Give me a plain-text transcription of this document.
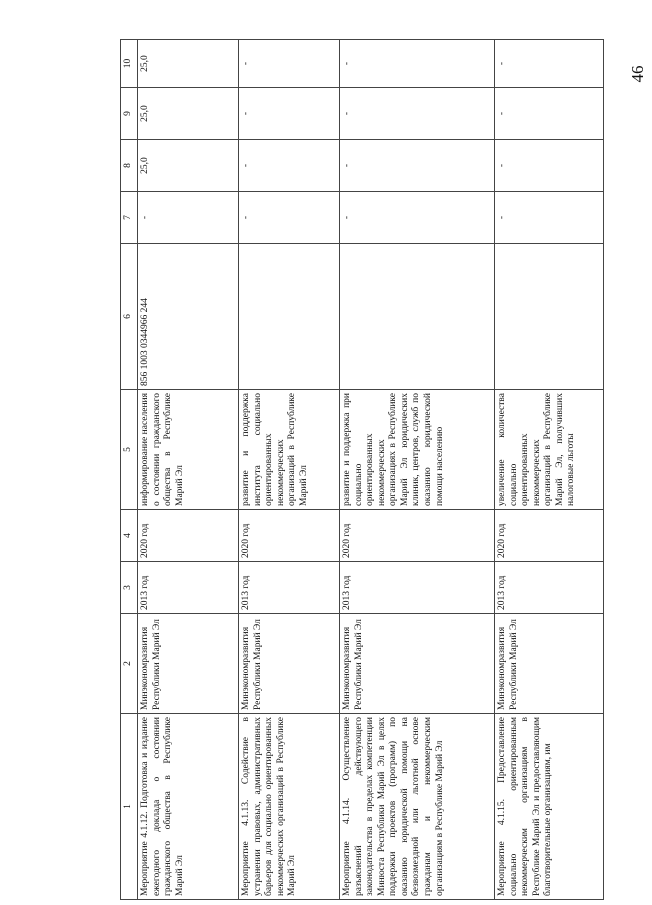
46
1	2	3	4	5	6	7	8	9	10
Мероприятие 4.1.12. Подготовка и издание ежегодного доклада о состоянии гражданского общества в Республике Марий Эл	Минэкономразвития Республики Марий Эл	2013 год	2020 год	информирование населения о состоянии гражданского общества в Республике Марий Эл	856 1003 0344966 244	-	25,0	25,0	25,0
Мероприятие 4.1.13. Содействие в устранении правовых, административных барьеров для социально ориентированных некоммерческих организаций в Республике Марий Эл	Минэкономразвития Республики Марий Эл	2013 год	2020 год	развитие и поддержка института социально ориентированных некоммерческих организаций в Республике Марий Эл		-	-	-	-
Мероприятие 4.1.14. Осуществление разъяснений действующего законодательства в пределах компетенции Минюста Республики Марий Эл в целях поддержки проектов (программ) по оказанию юридической помощи на безвозмездной или льготной основе гражданам и некоммерческим организациям в Республике Марий Эл	Минэкономразвития Республики Марий Эл	2013 год	2020 год	развитие и поддержка при социально ориентированных некоммерческих организациях в Республике Марий Эл юридических клиник, центров, служб по оказанию юридической помощи населению		-	-	-	-
Мероприятие 4.1.15. Предоставление социально ориентированным некоммерческим организациям в Республике Марий Эл и предоставляющим благотворительные организациям, им	Минэкономразвития Республики Марий Эл	2013 год	2020 год	увеличение количества социально ориентированных некоммерческих организаций в Республике Марий Эл, получивших налоговые льготы		-	-	-	-
